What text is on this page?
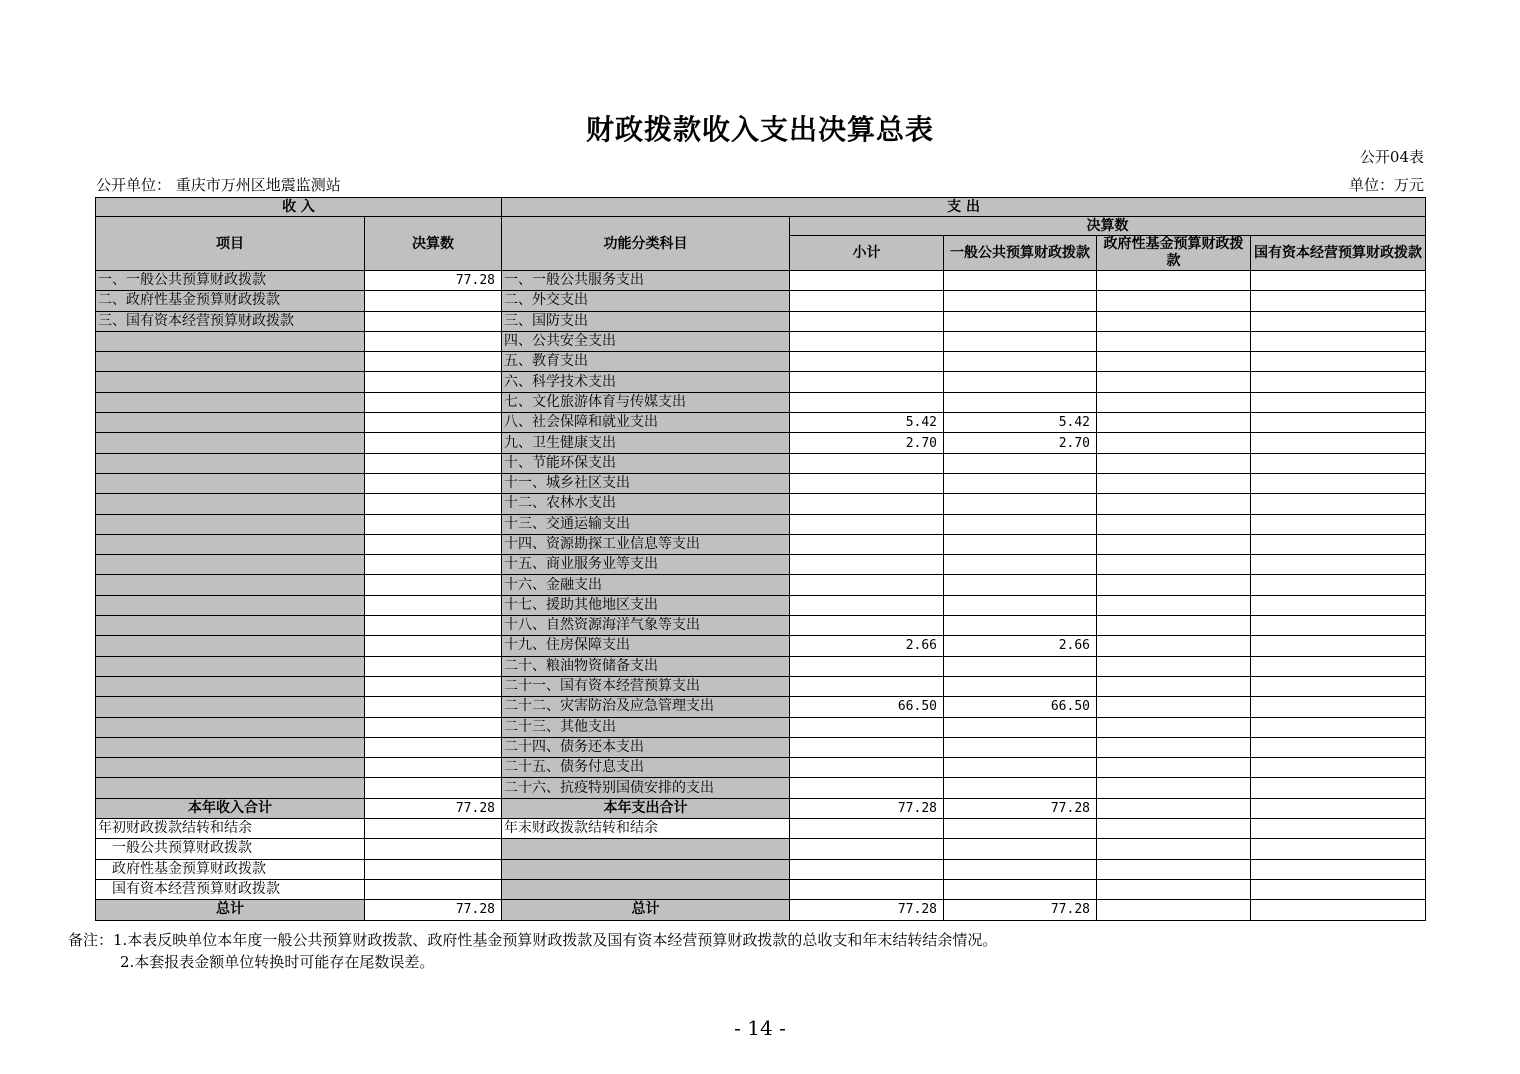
财政拨款收入支出决算总表
公开04表
公开单位： 重庆市万州区地震监测站	单位：万元
收 入		支 出				
项目	决算数	功能分类科目	决算数			
			小计	一般公共预算财政拨款	政府性基金预算财政拨款	国有资本经营预算财政拨款

一、一般公共预算财政拨款	77.28	一、一般公共服务支出				
二、政府性基金预算财政拨款		二、外交支出				
三、国有资本经营预算财政拨款		三、国防支出				
		四、公共安全支出				
		五、教育支出				
		六、科学技术支出				
		七、文化旅游体育与传媒支出				
		八、社会保障和就业支出	5.42	5.42		
		九、卫生健康支出	2.70	2.70		
		十、节能环保支出				
		十一、城乡社区支出				
		十二、农林水支出				
		十三、交通运输支出				
		十四、资源勘探工业信息等支出				
		十五、商业服务业等支出				
		十六、金融支出				
		十七、援助其他地区支出				
		十八、自然资源海洋气象等支出				
		十九、住房保障支出	2.66	2.66		
		二十、粮油物资储备支出				
		二十一、国有资本经营预算支出				
		二十二、灾害防治及应急管理支出	66.50	66.50		
		二十三、其他支出				
		二十四、债务还本支出				
		二十五、债务付息支出				
		二十六、抗疫特别国债安排的支出				
本年收入合计	77.28	本年支出合计	77.28	77.28		
年初财政拨款结转和结余		年末财政拨款结转和结余				
一般公共预算财政拨款						
政府性基金预算财政拨款						
国有资本经营预算财政拨款						
总计	77.28	总计	77.28	77.28		
备注：1.本表反映单位本年度一般公共预算财政拨款、政府性基金预算财政拨款及国有资本经营预算财政拨款的总收支和年末结转结余情况。
2.本套报表金额单位转换时可能存在尾数误差。
- 14 -
